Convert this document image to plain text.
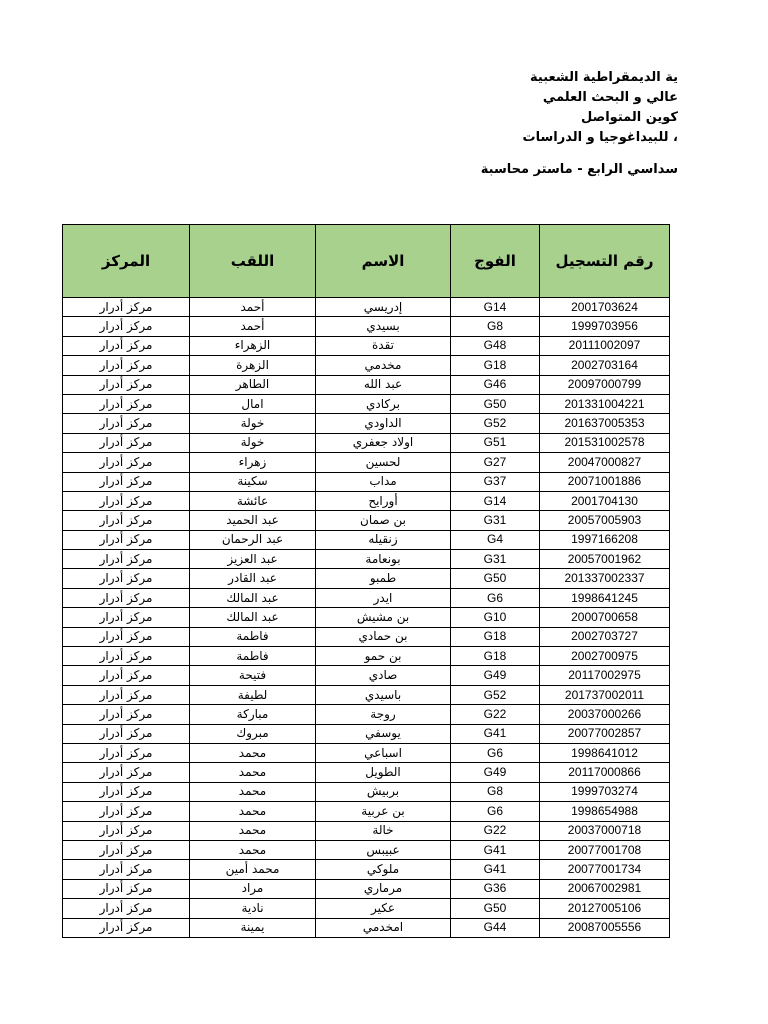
ية الديمقراطية الشعبية
عالي و البحث العلمي
كوين المتواصل
، للبيداغوجيا و الدراسات
سداسي الرابع - ماستر محاسبة
المركز	اللقب	الاسم	الفوج	رقم التسجيل
مركز أدرار	أحمد	إدريسي	G14	2001703624
مركز أدرار	أحمد	بسيدي	G8	1999703956
مركز أدرار	الزهراء	تقدة	G48	20111002097
مركز أدرار	الزهرة	مخدمي	G18	2002703164
مركز أدرار	الطاهر	عبد الله	G46	20097000799
مركز أدرار	امال	بركادي	G50	201331004221
مركز أدرار	خولة	الداودي	G52	201637005353
مركز أدرار	خولة	اولاد جعفري	G51	201531002578
مركز أدرار	زهراء	لحسين	G27	20047000827
مركز أدرار	سكينة	مداب	G37	20071001886
مركز أدرار	عائشة	أورايح	G14	2001704130
مركز أدرار	عبد الحميد	بن صمان	G31	20057005903
مركز أدرار	عبد الرحمان	زنقيله	G4	1997166208
مركز أدرار	عبد العزيز	بونعامة	G31	20057001962
مركز أدرار	عبد القادر	طمبو	G50	201337002337
مركز أدرار	عبد المالك	ايدر	G6	1998641245
مركز أدرار	عبد المالك	بن مشيش	G10	2000700658
مركز أدرار	فاطمة	بن حمادي	G18	2002703727
مركز أدرار	فاطمة	بن حمو	G18	2002700975
مركز أدرار	فتيحة	صادي	G49	20117002975
مركز أدرار	لطيفة	باسيدي	G52	201737002011
مركز أدرار	مباركة	روجة	G22	20037000266
مركز أدرار	مبروك	يوسفي	G41	20077002857
مركز أدرار	محمد	اسباعي	G6	1998641012
مركز أدرار	محمد	الطويل	G49	20117000866
مركز أدرار	محمد	بربيش	G8	1999703274
مركز أدرار	محمد	بن عربية	G6	1998654988
مركز أدرار	محمد	خالة	G22	20037000718
مركز أدرار	محمد	عبيبس	G41	20077001708
مركز أدرار	محمد أمين	ملوكي	G41	20077001734
مركز أدرار	مراد	مرماري	G36	20067002981
مركز أدرار	نادية	عكير	G50	20127005106
مركز أدرار	يمينة	امخدمي	G44	20087005556
